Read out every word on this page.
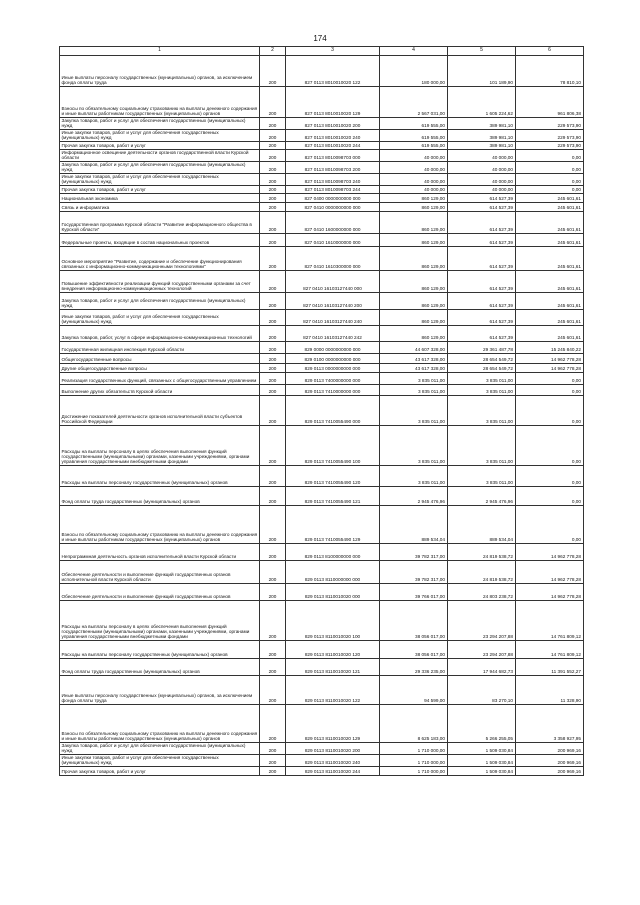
174
1	2	3	4	5	6
Иные выплаты персоналу государственных (муниципальных) органов, за исключением фонда оплаты труда	200	827 0113 8010010020 122	180 000,00	101 189,90	78 810,10
Взносы по обязательному социальному страхованию на выплаты денежного содержания и иные выплаты работникам государственных (муниципальных) органов	200	827 0113 8010010020 129	2 567 031,00	1 605 224,62	961 806,38
Закупка товаров, работ и услуг для обеспечения государственных (муниципальных) нужд	200	827 0113 8010010020 200	619 555,00	389 981,10	229 573,90
Иные закупки товаров, работ и услуг для обеспечения государственных (муниципальных) нужд	200	827 0113 8010010020 240	619 555,00	389 981,10	229 573,90
Прочая закупка товаров, работ и услуг	200	827 0113 8010010020 244	619 555,00	389 981,10	229 573,90
Информационное освещение деятельности органов государственной власти Курской области	200	827 0113 8010098703 000	40 000,00	40 000,00	0,00
Закупка товаров, работ и услуг для обеспечения государственных (муниципальных) нужд	200	827 0113 8010098703 200	40 000,00	40 000,00	0,00
Иные закупки товаров, работ и услуг для обеспечения государственных (муниципальных) нужд	200	827 0113 8010098703 240	40 000,00	40 000,00	0,00
Прочая закупка товаров, работ и услуг	200	827 0113 8010098703 244	40 000,00	40 000,00	0,00
Национальная экономика	200	827 0400 0000000000 000	860 129,00	614 527,39	245 601,61
Связь и информатика	200	827 0410 0000000000 000	860 129,00	614 527,39	245 601,61
Государственная программа Курской области "Развитие информационного общества в Курской области"	200	827 0410 1600000000 000	860 129,00	614 527,39	245 601,61
Федеральные проекты, входящие в состав национальных проектов	200	827 0410 1610000000 000	860 129,00	614 527,39	245 601,61
Основное мероприятие "Развитие, содержание и обеспечение функционирования связанных с информационно-коммуникационными технологиями"	200	827 0410 1610300000 000	860 129,00	614 527,39	245 601,61
Повышение эффективности реализации функций государственными органами за счет внедрения информационно-коммуникационных технологий	200	827 0410 16103127440 000	860 129,00	614 527,39	245 601,61
Закупка товаров, работ и услуг для обеспечения государственных (муниципальных) нужд	200	827 0410 16103127440 200	860 129,00	614 527,39	245 601,61
Иные закупки товаров, работ и услуг для обеспечения государственных (муниципальных) нужд	200	827 0410 16103127440 240	860 129,00	614 527,39	245 601,61
Закупка товаров, работ, услуг в сфере информационно-коммуникационных технологий	200	827 0410 16103127440 242	860 129,00	614 527,39	245 601,61
Государственная жилищная инспекция Курской области	200	829 0000 0000000000 000	44 607 328,00	29 361 487,78	15 245 840,22
Общегосударственные вопросы	200	829 0100 0000000000 000	43 617 328,00	28 654 549,72	14 962 778,28
Другие общегосударственные вопросы	200	829 0113 0000000000 000	43 617 328,00	28 654 549,72	14 962 778,28
Реализация государственных функций, связанных с общегосударственным управлением	200	829 0113 7400000000 000	3 835 011,00	3 835 011,00	0,00
Выполнение других обязательств Курской области	200	829 0113 7410000000 000	3 835 011,00	3 835 011,00	0,00
Достижение показателей деятельности органов исполнительной власти субъектов Российской Федерации	200	829 0113 7410055490 000	3 835 011,00	3 835 011,00	0,00
Расходы на выплаты персоналу в целях обеспечения выполнения функций государственными (муниципальными) органами, казенными учреждениями, органами управления государственными внебюджетными фондами	200	829 0113 7410055490 100	3 835 011,00	3 835 011,00	0,00
Расходы на выплаты персоналу государственных (муниципальных) органов	200	829 0113 7410055490 120	3 835 011,00	3 835 011,00	0,00
Фонд оплаты труда государственных (муниципальных) органов	200	829 0113 7410055490 121	2 945 476,96	2 945 476,96	0,00
Взносы по обязательному социальному страхованию на выплаты денежного содержания и иные выплаты работникам государственных (муниципальных) органов	200	829 0113 7410055490 129	889 534,04	889 534,04	0,00
Непрограммная деятельность органов исполнительной власти Курской области	200	829 0113 8100000000 000	39 782 317,00	24 819 538,72	14 962 778,28
Обеспечение деятельности и выполнение функций государственных органов исполнительной власти Курской области	200	829 0113 8110000000 000	39 782 317,00	24 819 538,72	14 962 778,28
Обеспечение деятельности и выполнение функций государственных органов	200	829 0113 8110010020 000	39 766 017,00	24 803 238,72	14 962 778,28
Расходы на выплаты персоналу в целях обеспечения выполнения функций государственными (муниципальными) органами, казенными учреждениями, органами управления государственными внебюджетными фондами	200	829 0113 8110010020 100	38 056 017,00	23 294 207,88	14 761 809,12
Расходы на выплаты персоналу государственных (муниципальных) органов	200	829 0113 8110010020 120	38 056 017,00	23 294 207,88	14 761 809,12
Фонд оплаты труда государственных (муниципальных) органов	200	829 0113 8110010020 121	29 336 235,00	17 944 682,73	11 391 552,27
Иные выплаты персоналу государственных (муниципальных) органов, за исключением фонда оплаты труда	200	829 0113 8110010020 122	94 599,00	83 270,10	11 328,90
Взносы по обязательному социальному страхованию на выплаты денежного содержания и иные выплаты работникам государственных (муниципальных) органов	200	829 0113 8110010020 129	8 625 183,00	5 266 255,05	3 358 927,95
Закупка товаров, работ и услуг для обеспечения государственных (муниципальных) нужд	200	829 0113 8110010020 200	1 710 000,00	1 509 030,84	200 969,16
Иные закупки товаров, работ и услуг для обеспечения государственных (муниципальных) нужд	200	829 0113 8110010020 240	1 710 000,00	1 509 030,84	200 969,16
Прочая закупка товаров, работ и услуг	200	829 0113 8110010020 244	1 710 000,00	1 509 030,84	200 969,16
